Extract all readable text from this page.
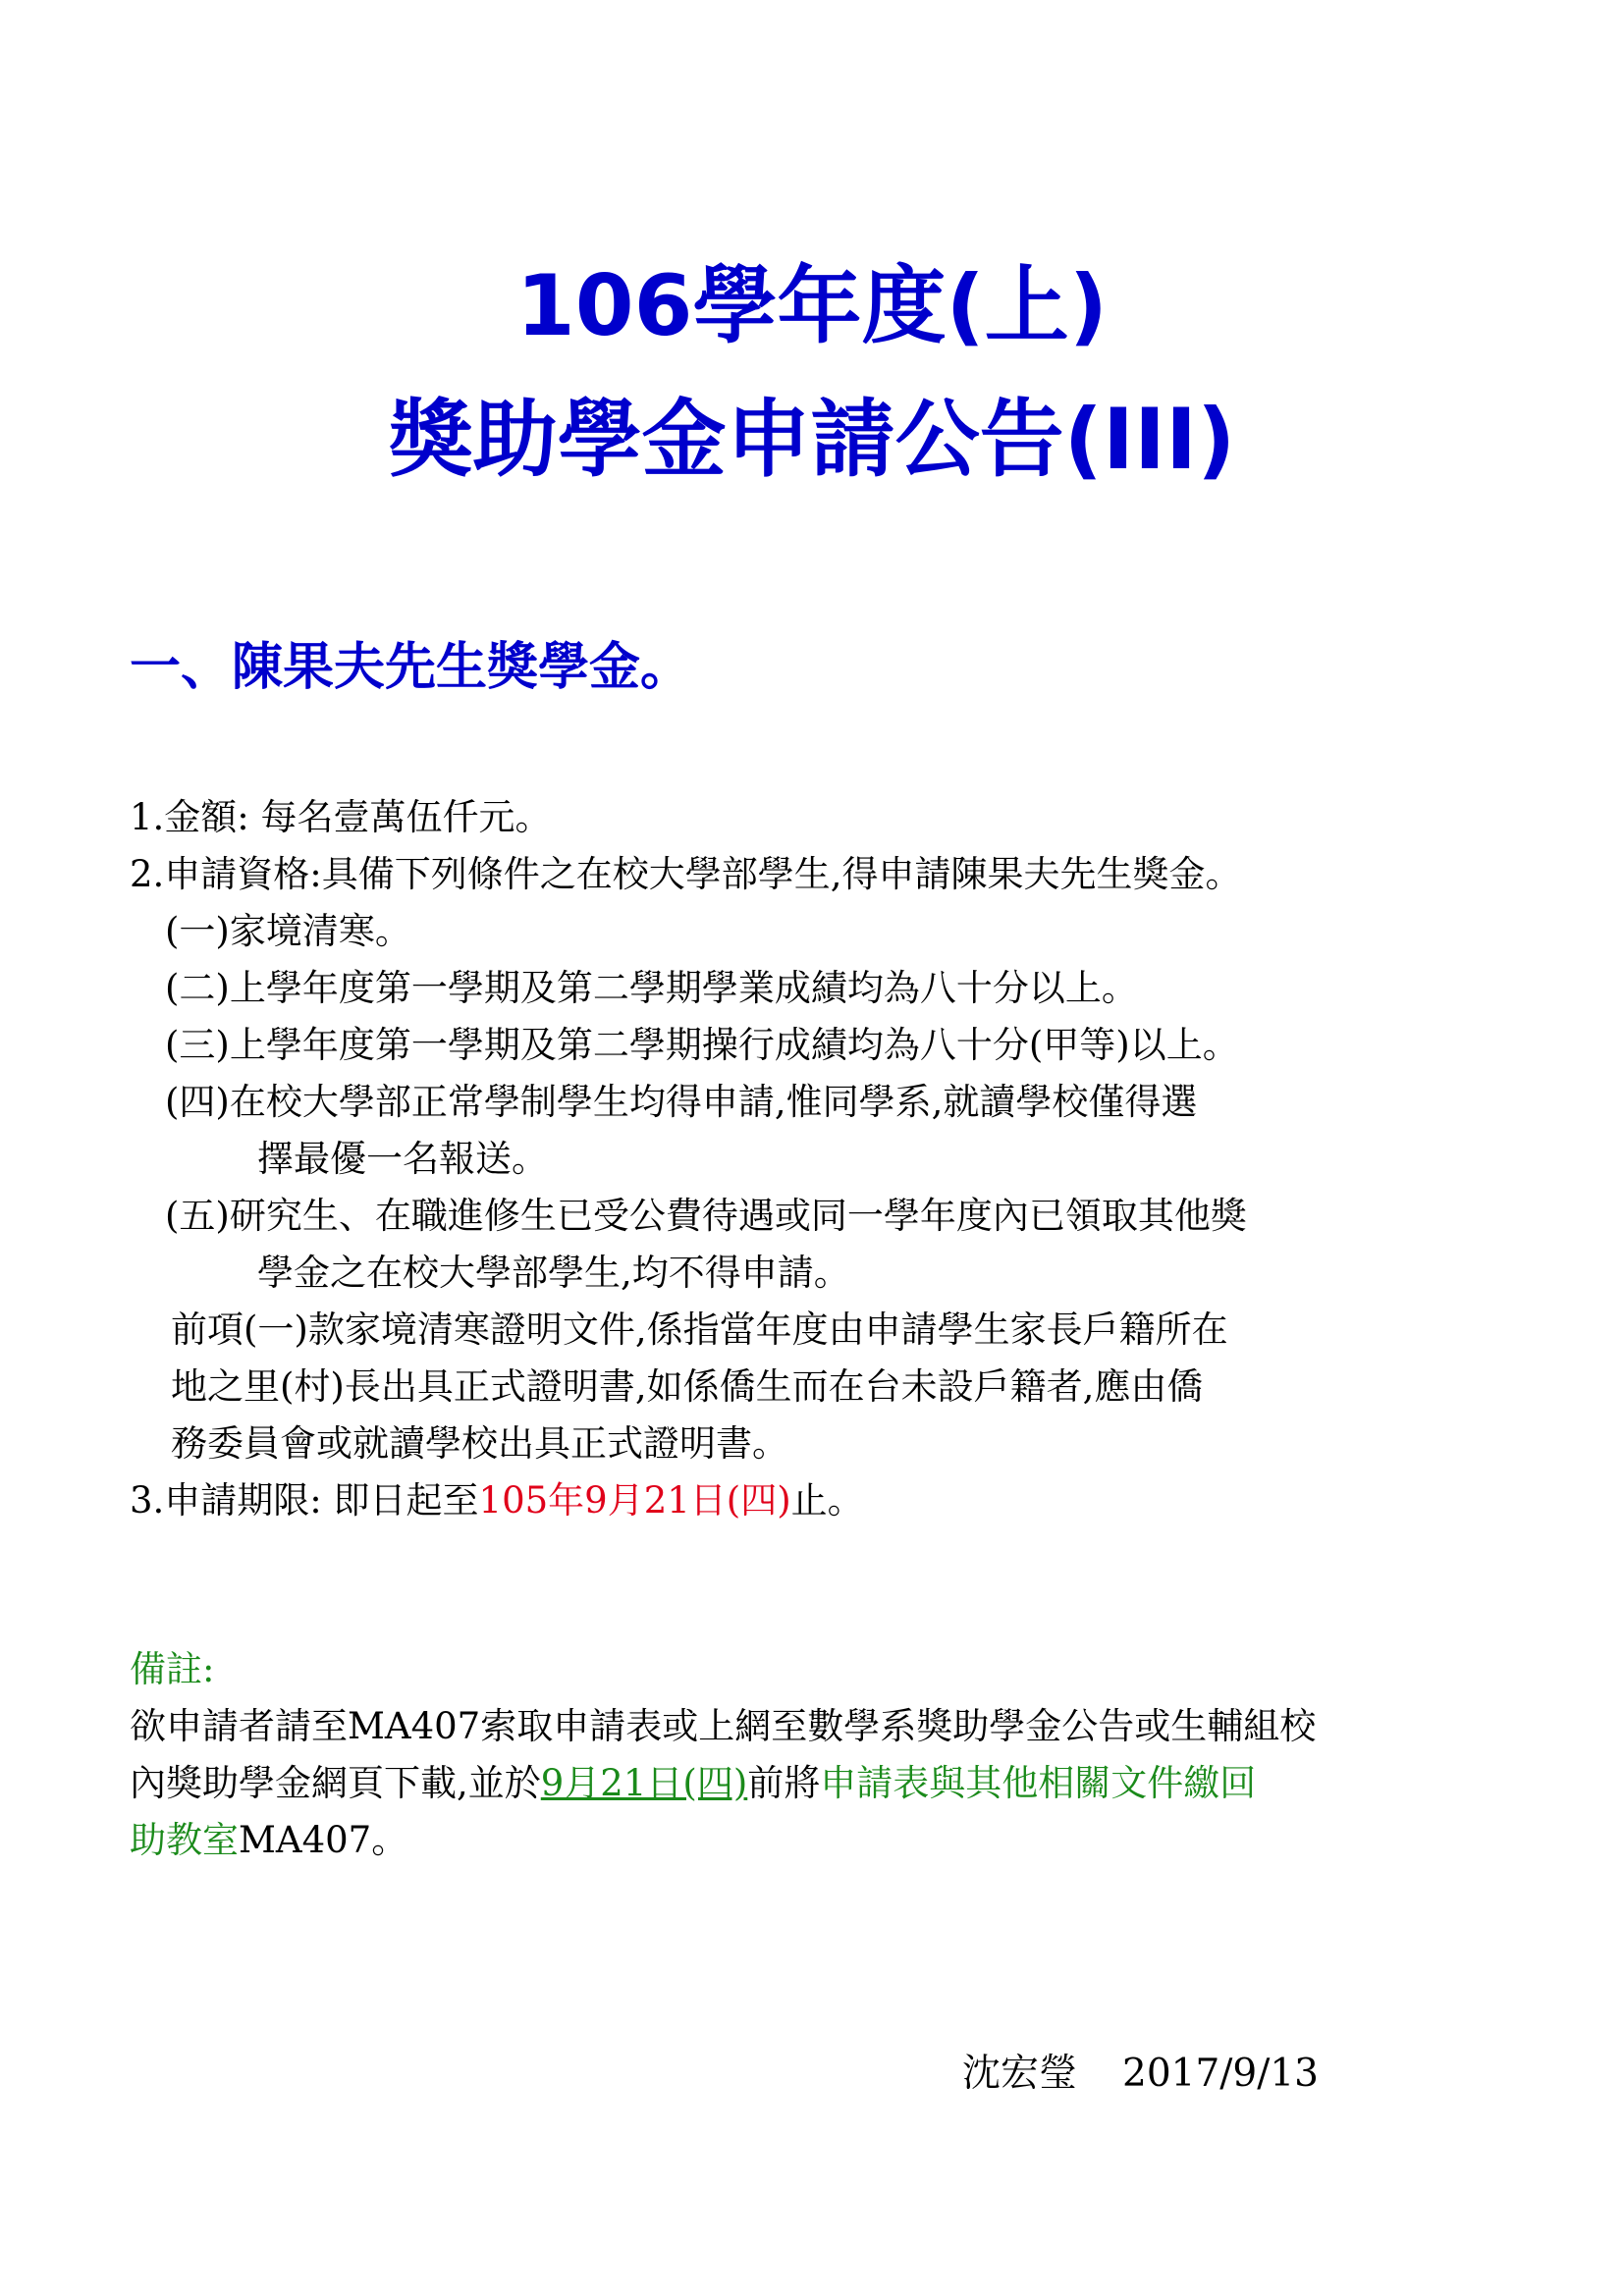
106學年度(上)
獎助學金申請公告(III)
一、陳果夫先生獎學金。
1.金額: 每名壹萬伍仟元。
2.申請資格:具備下列條件之在校大學部學生,得申請陳果夫先生獎金。
(一)家境清寒。
(二)上學年度第一學期及第二學期學業成績均為八十分以上。
(三)上學年度第一學期及第二學期操行成績均為八十分(甲等)以上。
(四)在校大學部正常學制學生均得申請,惟同學系,就讀學校僅得選
擇最優一名報送。
(五)研究生、在職進修生已受公費待遇或同一學年度內已領取其他獎
學金之在校大學部學生,均不得申請。
前項(一)款家境清寒證明文件,係指當年度由申請學生家長戶籍所在
地之里(村)長出具正式證明書,如係僑生而在台未設戶籍者,應由僑
務委員會或就讀學校出具正式證明書。
3.申請期限: 即日起至105年9月21日(四)止。
備註:
欲申請者請至MA407索取申請表或上網至數學系獎助學金公告或生輔組校
內獎助學金網頁下載,並於9月21日(四)前將申請表與其他相關文件繳回
助教室MA407。
沈宏瑩 2017/9/13
